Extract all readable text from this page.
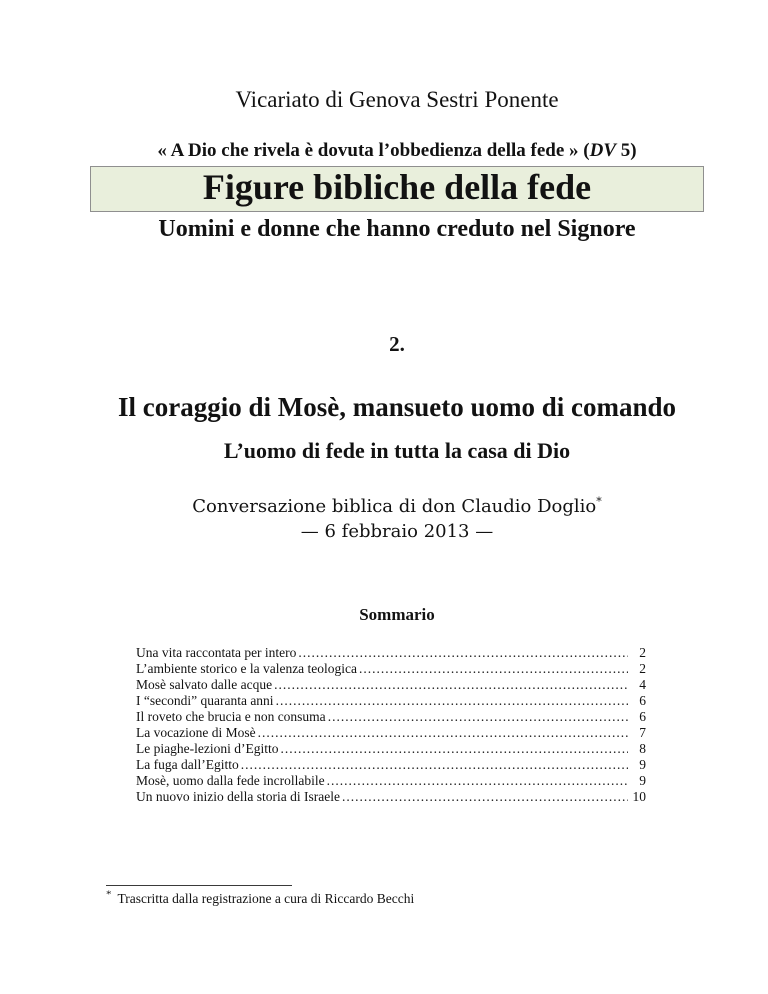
Vicariato di Genova Sestri Ponente
« A Dio che rivela è dovuta l’obbedienza della fede » (DV 5)
Figure bibliche della fede
Uomini e donne che hanno creduto nel Signore
2.
Il coraggio di Mosè, mansueto uomo di comando
L’uomo di fede in tutta la casa di Dio
Conversazione biblica di don Claudio Doglio*
— 6 febbraio 2013 —
Sommario
Una vita raccontata per intero .....	2
L’ambiente storico e la valenza teologica .....	2
Mosè salvato dalle acque .....	4
I “secondi” quaranta anni .....	6
Il roveto che brucia e non consuma .....	6
La vocazione di Mosè .....	7
Le piaghe-lezioni d’Egitto .....	8
La fuga dall’Egitto .....	9
Mosè, uomo dalla fede incrollabile .....	9
Un nuovo inizio della storia di Israele .....	10
* Trascritta dalla registrazione a cura di Riccardo Becchi
